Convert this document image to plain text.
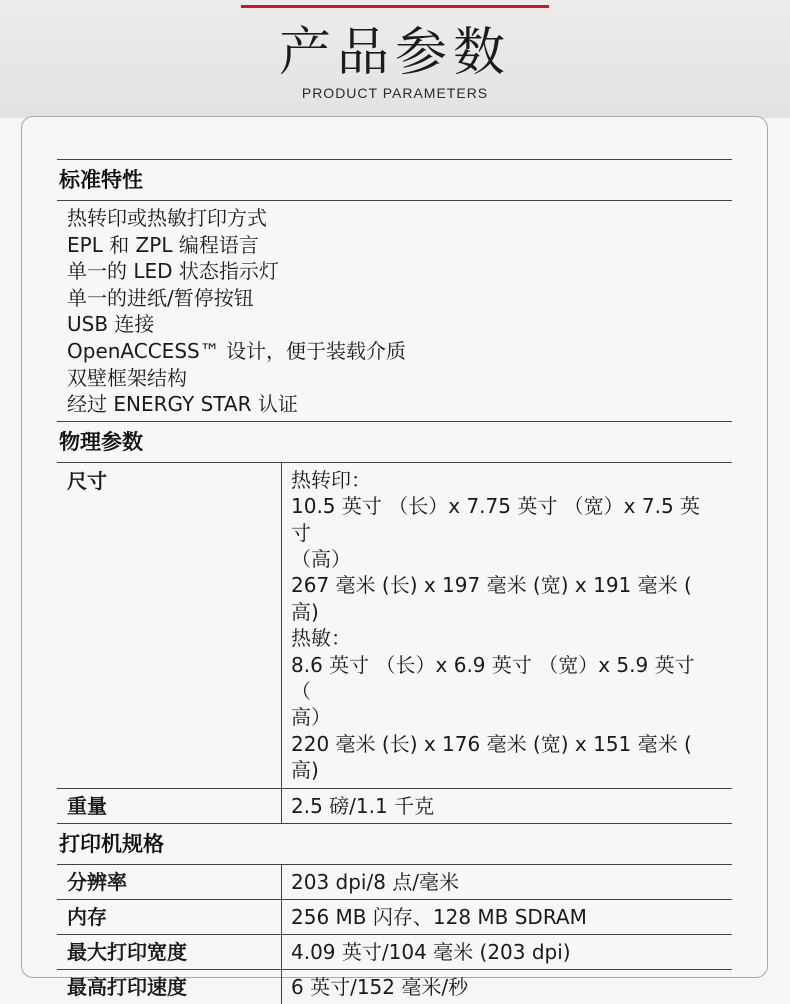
产品参数
PRODUCT PARAMETERS
标准特性
热转印或热敏打印方式
EPL 和 ZPL 编程语言
单一的 LED 状态指示灯
单一的进纸/暂停按钮
USB 连接
OpenACCESS™ 设计，便于装载介质
双壁框架结构
经过 ENERGY STAR 认证
物理参数
尺寸	热转印：
10.5 英寸 （长）x 7.75 英寸 （宽）x 7.5 英寸
（高）
267 毫米 (长) x 197 毫米 (宽) x 191 毫米 (
高)
热敏：
8.6 英寸 （长）x 6.9 英寸 （宽）x 5.9 英寸 （
高）
220 毫米 (长) x 176 毫米 (宽) x 151 毫米 (
高)
重量	2.5 磅/1.1 千克
打印机规格
分辨率	203 dpi/8 点/毫米
内存	256 MB 闪存、128 MB SDRAM
最大打印宽度	4.09 英寸/104 毫米 (203 dpi)
最高打印速度	6 英寸/152 毫米/秒
